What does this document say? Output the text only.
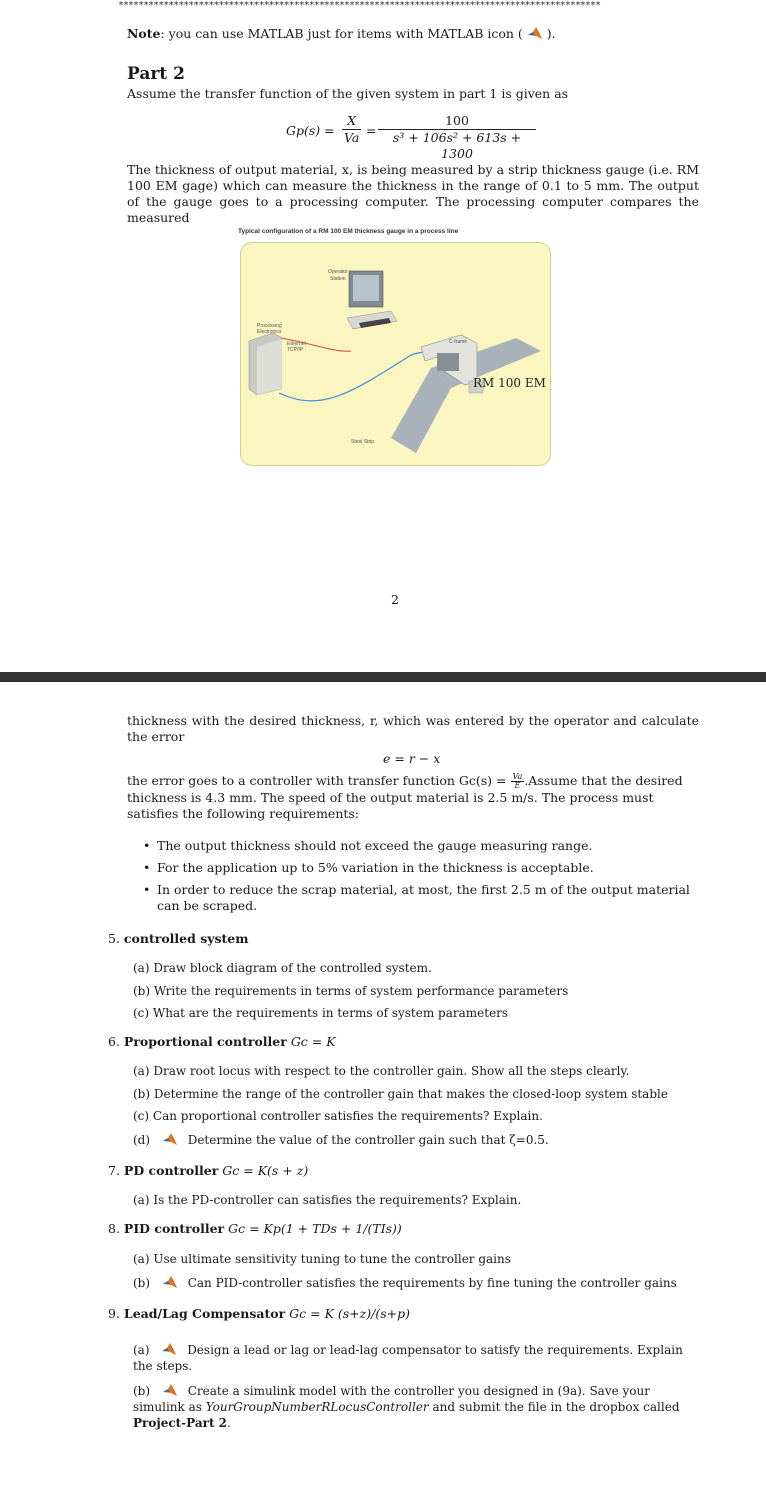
************************************************************************************************
Note: you can use MATLAB just for items with MATLAB icon ( ).
Part 2
Assume the transfer function of the given system in part 1 is given as
$Gp(s) = \frac{X}{Va} = \frac{100}{\text{s³ + 106s² + 613s + 1300}}$
The thickness of output material, x, is being measured by a strip thickness gauge (i.e. RM 100 EM gage) which can measure the thickness in the range of 0.1 to 5 mm. The output of the gauge goes to a processing computer. The processing computer compares the measured
Typical configuration of a RM 100 EM thickness gauge in a process line
Operator
Station
Processing
Electronics
Ethernet
TCP/IP
C-frame
RM 100 EM
Steel Strip
2
thickness with the desired thickness, r, which was entered by the operator and calculate the error
e = r − x
the error goes to a controller with transfer function $Gc(s) = \frac{Va}{E}$ .Assume that the desired thickness is 4.3 mm. The speed of the output material is 2.5 m/s. The process must satisfies the following requirements:
• The output thickness should not exceed the gauge measuring range.
• For the application up to 5% variation in the thickness is acceptable.
• In order to reduce the scrap material, at most, the first 2.5 m of the output material can be scraped.
5. controlled system
(a) Draw block diagram of the controlled system.
(b) Write the requirements in terms of system performance parameters
(c) What are the requirements in terms of system parameters
6. Proportional controller Gc = K
(a) Draw root locus with respect to the controller gain. Show all the steps clearly.
(b) Determine the range of the controller gain that makes the closed-loop system stable
(c) Can proportional controller satisfies the requirements? Explain.
(d)	Determine the value of the controller gain such that ζ=0.5.
7. PD controller Gc = K(s + z)
(a) Is the PD-controller can satisfies the requirements? Explain.
8. PID controller Gc = Kp(1 + TDs + 1/(TIs))
(a) Use ultimate sensitivity tuning to tune the controller gains
(b)	Can PID-controller satisfies the requirements by fine tuning the controller gains
9. Lead/Lag Compensator Gc = K (s+z)/(s+p)
(a)	Design a lead or lag or lead-lag compensator to satisfy the requirements. Explain the steps.
(b)	Create a simulink model with the controller you designed in (9a). Save your simulink as YourGroupNumberRLocusController and submit the file in the dropbox called Project-Part 2.
